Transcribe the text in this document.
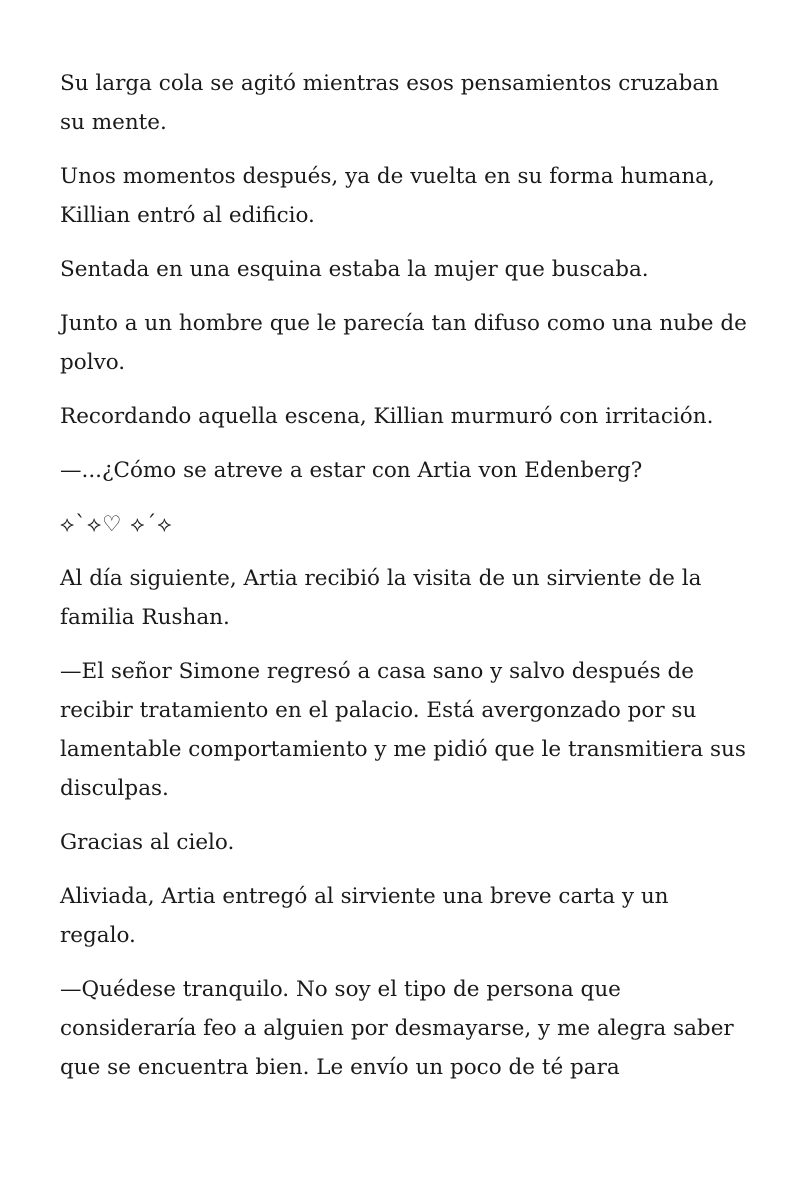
Su larga cola se agitó mientras esos pensamientos cruzaban su mente.

Unos momentos después, ya de vuelta en su forma humana, Killian entró al edificio.

Sentada en una esquina estaba la mujer que buscaba.

Junto a un hombre que le parecía tan difuso como una nube de polvo.

Recordando aquella escena, Killian murmuró con irritación.

—...¿Cómo se atreve a estar con Artia von Edenberg?

⟡`⟡♡ ⟡´⟡

Al día siguiente, Artia recibió la visita de un sirviente de la familia Rushan.

—El señor Simone regresó a casa sano y salvo después de recibir tratamiento en el palacio. Está avergonzado por su lamentable comportamiento y me pidió que le transmitiera sus disculpas.

Gracias al cielo.

Aliviada, Artia entregó al sirviente una breve carta y un regalo.

—Quédese tranquilo. No soy el tipo de persona que consideraría feo a alguien por desmayarse, y me alegra saber que se encuentra bien. Le envío un poco de té para
